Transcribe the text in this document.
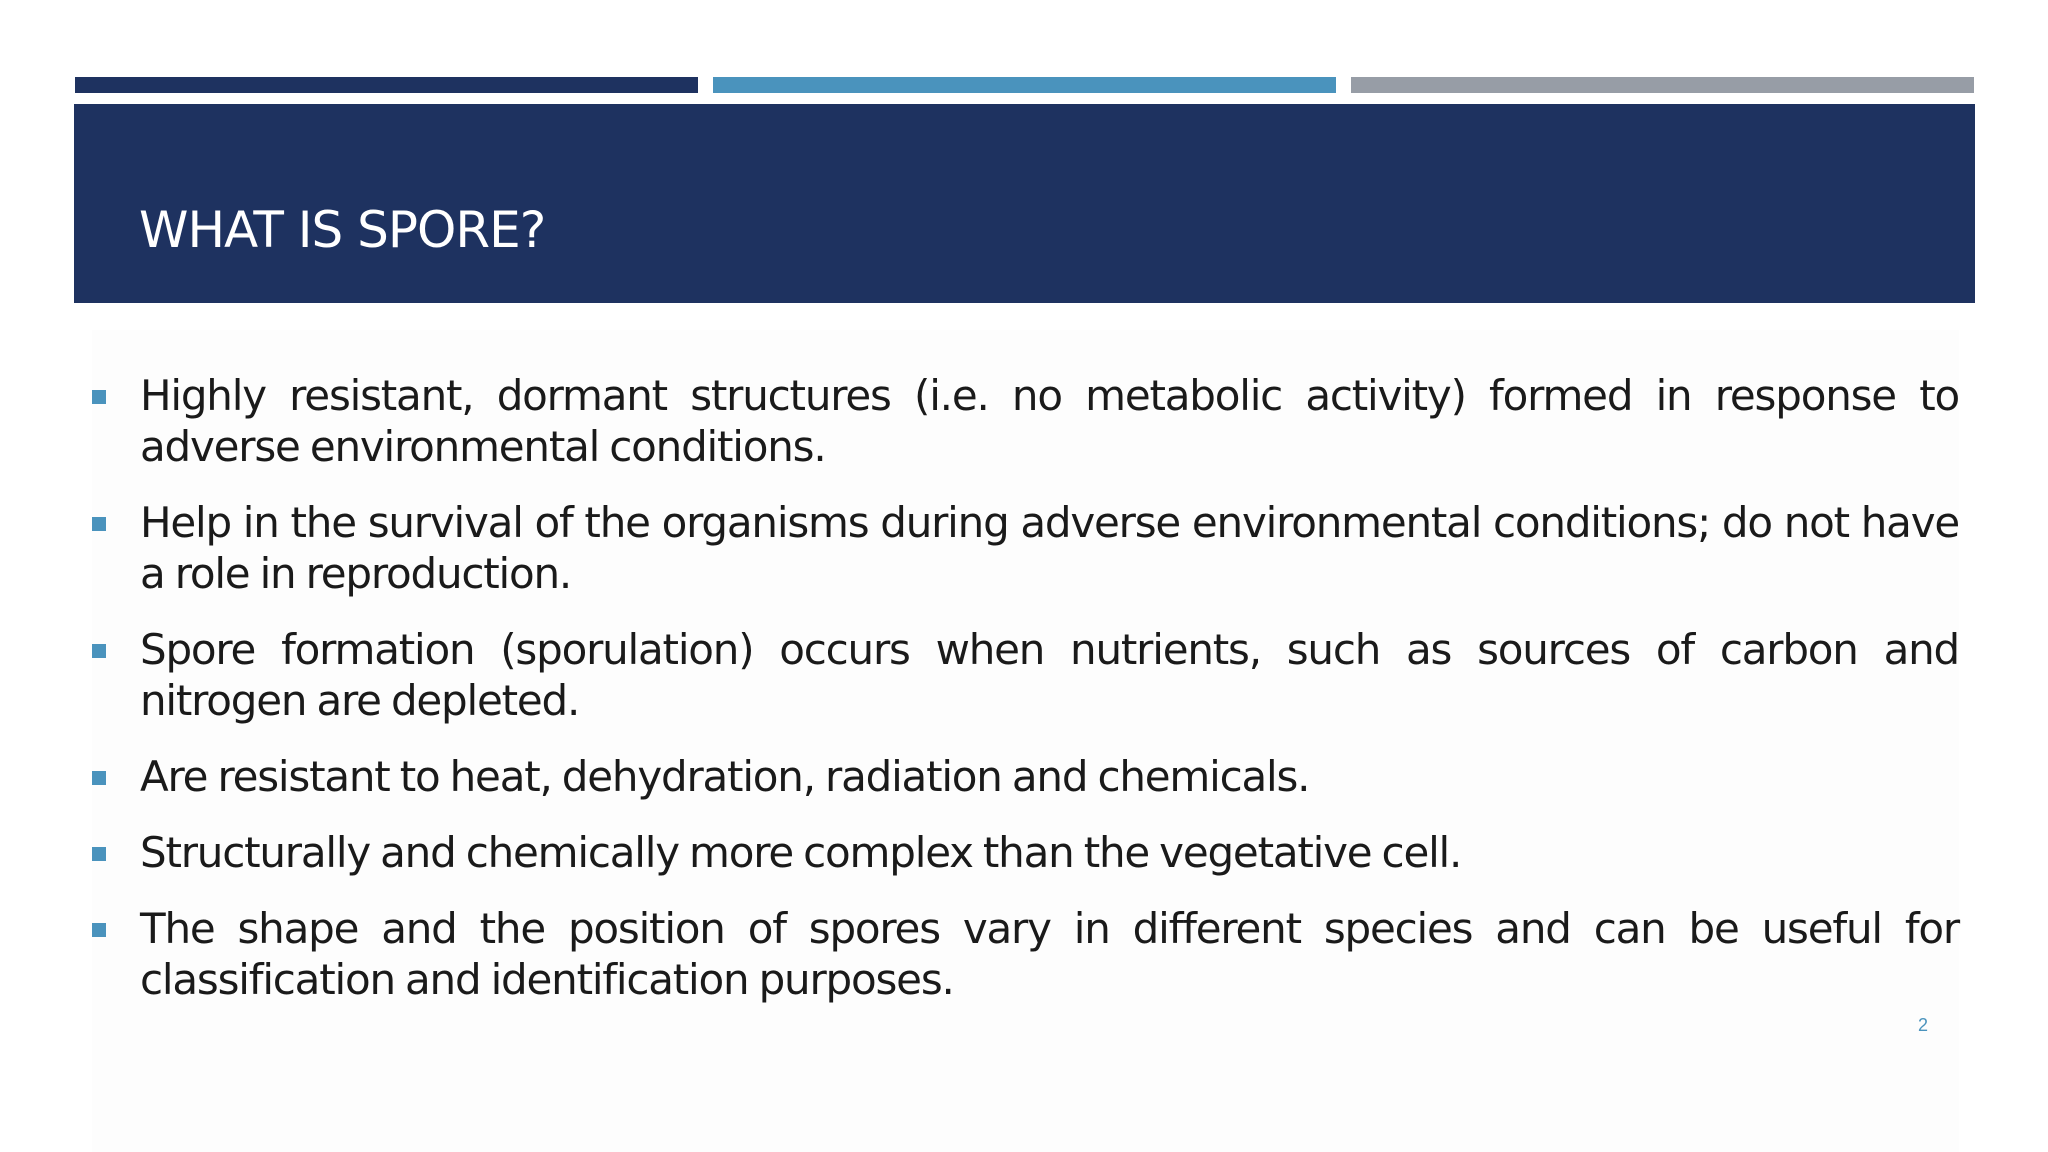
WHAT IS SPORE?
Highly resistant, dormant structures (i.e. no metabolic activity) formed in response to adverse environmental conditions.
Help in the survival of the organisms during adverse environmental conditions; do not have a role in reproduction.
Spore formation (sporulation) occurs when nutrients, such as sources of carbon and nitrogen are depleted.
Are resistant to heat, dehydration, radiation and chemicals.
Structurally and chemically more complex than the vegetative cell.
The shape and the position of spores vary in different species and can be useful for classification and identification purposes.
2
